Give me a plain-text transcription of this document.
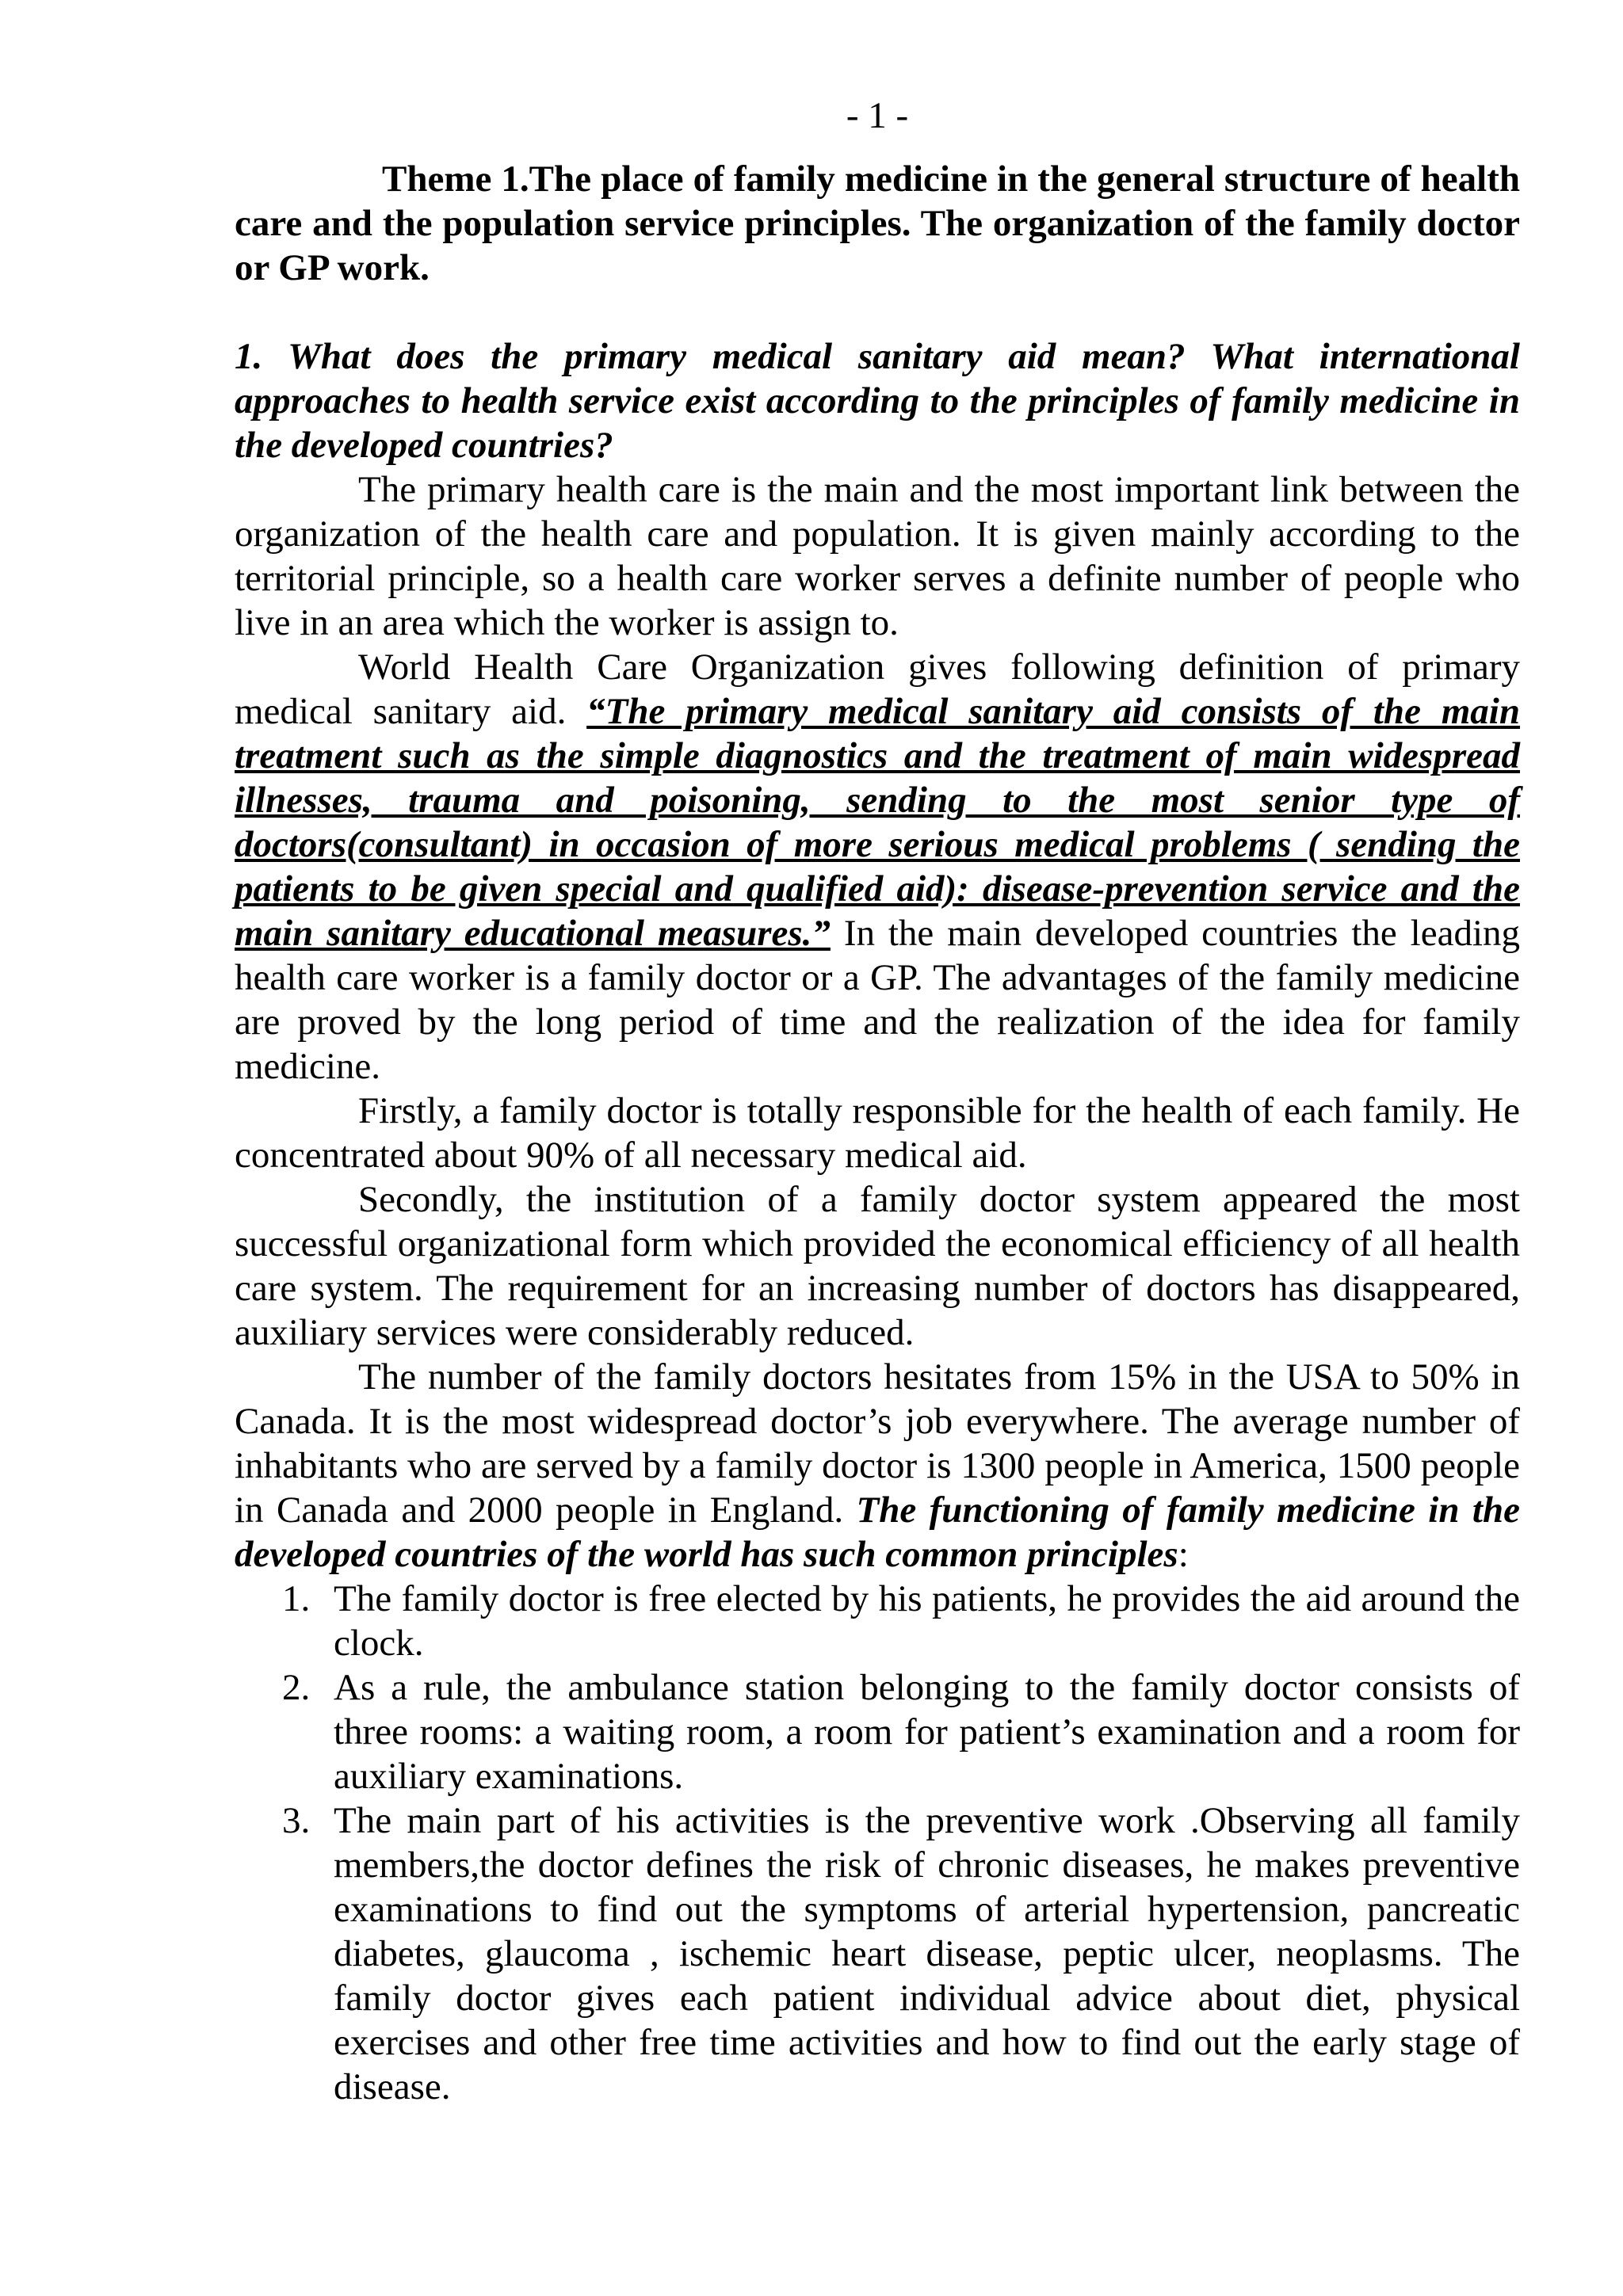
- 1 -

Theme 1.The place of family medicine in the general structure of health care and the population service principles. The organization of the family doctor or GP work.

1. What does the primary medical sanitary aid mean? What international approaches to health service exist according to the principles of family medicine in the developed countries?

The primary health care is the main and the most important link between the organization of the health care and population. It is given mainly according to the territorial principle, so a health care worker serves a definite number of people who live in an area which the worker is assign to.

World Health Care Organization gives following definition of primary medical sanitary aid. “The primary medical sanitary aid consists of the main treatment such as the simple diagnostics and the treatment of main widespread illnesses, trauma and poisoning, sending to the most senior type of doctors(consultant) in occasion of more serious medical problems ( sending the patients to be given special and qualified aid): disease-prevention service and the main sanitary educational measures.” In the main developed countries the leading health care worker is a family doctor or a GP. The advantages of the family medicine are proved by the long period of time and the realization of the idea for family medicine.

Firstly, a family doctor is totally responsible for the health of each family. He concentrated about 90% of all necessary medical aid.

Secondly, the institution of a family doctor system appeared the most successful organizational form which provided the economical efficiency of all health care system. The requirement for an increasing number of doctors has disappeared, auxiliary services were considerably reduced.

The number of the family doctors hesitates from 15% in the USA to 50% in Canada. It is the most widespread doctor’s job everywhere. The average number of inhabitants who are served by a family doctor is 1300 people in America, 1500 people in Canada and 2000 people in England. The functioning of family medicine in the developed countries of the world has such common principles:

1. The family doctor is free elected by his patients, he provides the aid around the clock.
2. As a rule, the ambulance station belonging to the family doctor consists of three rooms: a waiting room, a room for patient’s examination and a room for auxiliary examinations.
3. The main part of his activities is the preventive work .Observing all family members,the doctor defines the risk of chronic diseases, he makes preventive examinations to find out the symptoms of arterial hypertension, pancreatic diabetes, glaucoma , ischemic heart disease, peptic ulcer, neoplasms. The family doctor gives each patient individual advice about diet, physical exercises and other free time activities and how to find out the early stage of disease.
